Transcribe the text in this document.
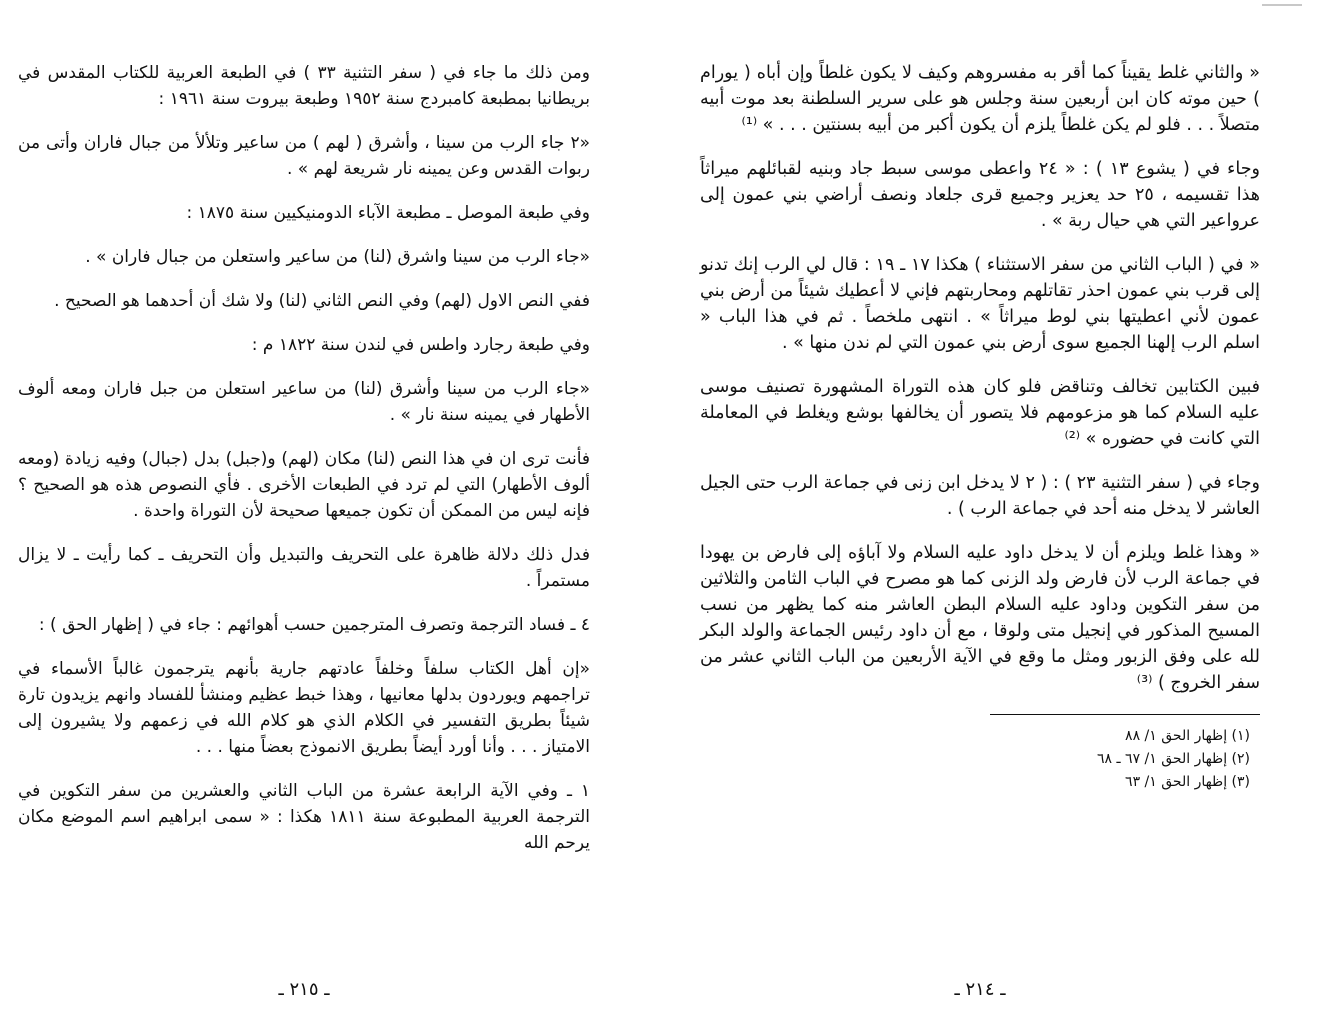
ومن ذلك ما جاء في ( سفر التثنية ٣٣ ) في الطبعة العربية للكتاب المقدس في بريطانيا بمطبعة كامبردج سنة ١٩٥٢ وطبعة بيروت سنة ١٩٦١ :

«٢ جاء الرب من سينا ، وأشرق ( لهم ) من ساعير وتلألأ من جبال فاران وأتى من ربوات القدس وعن يمينه نار شريعة لهم » .

وفي طبعة الموصل ـ مطبعة الآباء الدومنيكيين سنة ١٨٧٥ :

«جاء الرب من سينا واشرق (لنا) من ساعير واستعلن من جبال فاران » .

ففي النص الاول (لهم) وفي النص الثاني (لنا) ولا شك أن أحدهما هو الصحيح .

وفي طبعة رجارد واطس في لندن سنة ١٨٢٢ م :

«جاء الرب من سينا وأشرق (لنا) من ساعير استعلن من جبل فاران ومعه ألوف الأطهار في يمينه سنة نار » .

فأنت ترى ان في هذا النص (لنا) مكان (لهم) و(جبل) بدل (جبال) وفيه زيادة (ومعه ألوف الأطهار) التي لم ترد في الطبعات الأخرى . فأي النصوص هذه هو الصحيح ؟ فإنه ليس من الممكن أن تكون جميعها صحيحة لأن التوراة واحدة .

فدل ذلك دلالة ظاهرة على التحريف والتبديل وأن التحريف ـ كما رأيت ـ لا يزال مستمراً .

٤ ـ فساد الترجمة وتصرف المترجمين حسب أهوائهم : جاء في ( إظهار الحق ) :

«إن أهل الكتاب سلفاً وخلفاً عادتهم جارية بأنهم يترجمون غالباً الأسماء في تراجمهم ويوردون بدلها معانيها ، وهذا خبط عظيم ومنشأ للفساد وانهم يزيدون تارة شيئاً بطريق التفسير في الكلام الذي هو كلام الله في زعمهم ولا يشيرون إلى الامتياز . . . وأنا أورد أيضاً بطريق الانموذج بعضاً منها . . .

١ ـ وفي الآية الرابعة عشرة من الباب الثاني والعشرين من سفر التكوين في الترجمة العربية المطبوعة سنة ١٨١١ هكذا : « سمى ابراهيم اسم الموضع مكان يرحم الله

ـ ٢١٥ ـ

« والثاني غلط يقيناً كما أقر به مفسروهم وكيف لا يكون غلطاً وإن أباه ( يورام ) حين موته كان ابن أربعين سنة وجلس هو على سرير السلطنة بعد موت أبيه متصلاً . . . فلو لم يكن غلطاً يلزم أن يكون أكبر من أبيه بسنتين . . . » ⁽¹⁾

وجاء في ( يشوع ١٣ ) : « ٢٤ واعطى موسى سبط جاد وبنيه لقبائلهم ميراثاً هذا تقسيمه ، ٢٥ حد يعزير وجميع قرى جلعاد ونصف أراضي بني عمون إلى عرواعير التي هي حيال ربة » .

« في ( الباب الثاني من سفر الاستثناء ) هكذا ١٧ ـ ١٩ : قال لي الرب إنك تدنو إلى قرب بني عمون احذر تقاتلهم ومحاربتهم فإني لا أعطيك شيئاً من أرض بني عمون لأني اعطيتها بني لوط ميراثاً » . انتهى ملخصاً . ثم في هذا الباب « اسلم الرب إلهنا الجميع سوى أرض بني عمون التي لم ندن منها » .

فبين الكتابين تخالف وتناقض فلو كان هذه التوراة المشهورة تصنيف موسى عليه السلام كما هو مزعومهم فلا يتصور أن يخالفها بوشع ويغلط في المعاملة التي كانت في حضوره » ⁽²⁾

وجاء في ( سفر التثنية ٢٣ ) : ( ٢ لا يدخل ابن زنى في جماعة الرب حتى الجيل العاشر لا يدخل منه أحد في جماعة الرب ) .

« وهذا غلط ويلزم أن لا يدخل داود عليه السلام ولا آباؤه إلى فارض بن يهودا في جماعة الرب لأن فارض ولد الزنى كما هو مصرح في الباب الثامن والثلاثين من سفر التكوين وداود عليه السلام البطن العاشر منه كما يظهر من نسب المسيح المذكور في إنجيل متى ولوقا ، مع أن داود رئيس الجماعة والولد البكر لله على وفق الزبور ومثل ما وقع في الآية الأربعين من الباب الثاني عشر من سفر الخروج ) ⁽³⁾

(١) إظهار الحق ١/ ٨٨
(٢) إظهار الحق ١/ ٦٧ ـ ٦٨
(٣) إظهار الحق ١/ ٦٣
ـ ٢١٤ ـ
